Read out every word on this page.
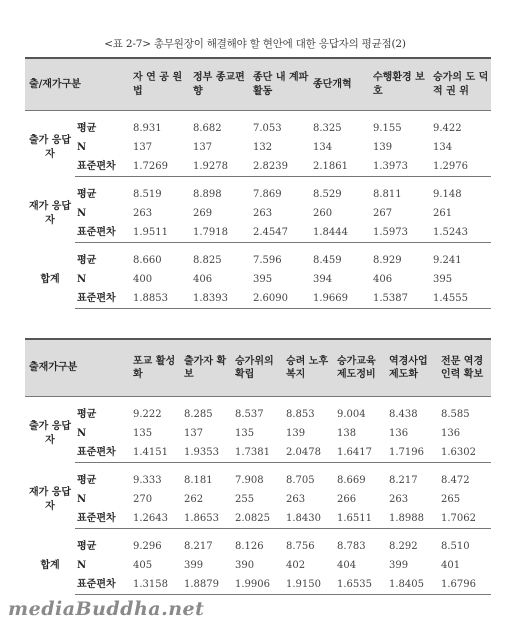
<표 2-7> 총무원장이 해결해야 할 현안에 대한 응답자의 평균점(2)
출/재가구분		자 연 공 원 법	정부 종교편향	종단 내 계파활동	종단개혁	수행환경 보호	승가의 도 덕 적 권 위

출가 응답자	평균	8.931	8.682	7.053	8.325	9.155	9.422
	N	137	137	132	134	139	134
	표준편차	1.7269	1.9278	2.8239	2.1861	1.3973	1.2976

재가 응답자	평균	8.519	8.898	7.869	8.529	8.811	9.148
	N	263	269	263	260	267	261
	표준편차	1.9511	1.7918	2.4547	1.8444	1.5973	1.5243

합계	평균	8.660	8.825	7.596	8.459	8.929	9.241
	N	400	406	395	394	406	395
	표준편차	1.8853	1.8393	2.6090	1.9669	1.5387	1.4555
출재가구분		포교 활성화	출가자 확보	승가위의 확립	승려 노후복지	승가교육 제도정비	역경사업 제도화	전문 역경 인력 확보

출가 응답자	평균	9.222	8.285	8.537	8.853	9.004	8.438	8.585
	N	135	137	135	139	138	136	136
	표준편차	1.4151	1.9353	1.7381	2.0478	1.6417	1.7196	1.6302

재가 응답자	평균	9.333	8.181	7.908	8.705	8.669	8.217	8.472
	N	270	262	255	263	266	263	265
	표준편차	1.2643	1.8653	2.0825	1.8430	1.6511	1.8988	1.7062

합계	평균	9.296	8.217	8.126	8.756	8.783	8.292	8.510
	N	405	399	390	402	404	399	401
	표준편차	1.3158	1.8879	1.9906	1.9150	1.6535	1.8405	1.6796
mediaBuddha.net
